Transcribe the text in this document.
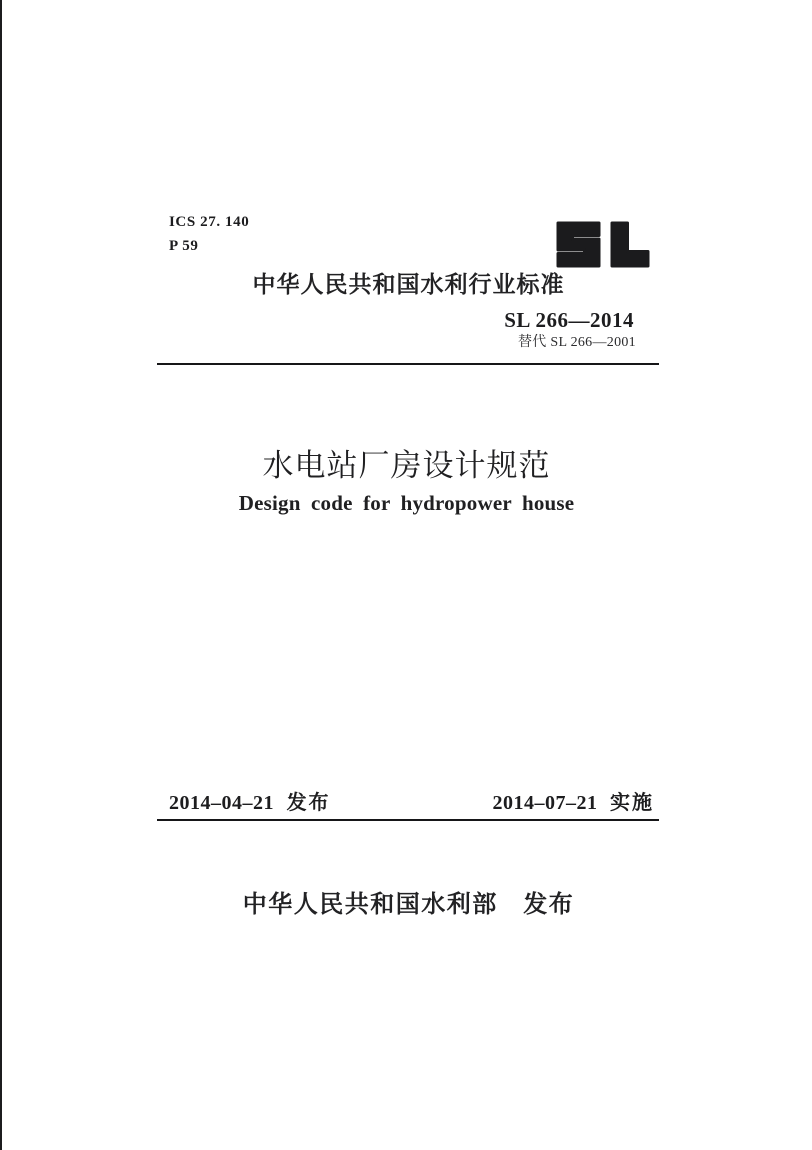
ICS 27. 140
P 59
中华人民共和国水利行业标准
SL 266—2014
替代 SL 266—2001
水电站厂房设计规范
Design code for hydropower house
2014–04–21 发布	2014–07–21 实施
中华人民共和国水利部　发布
